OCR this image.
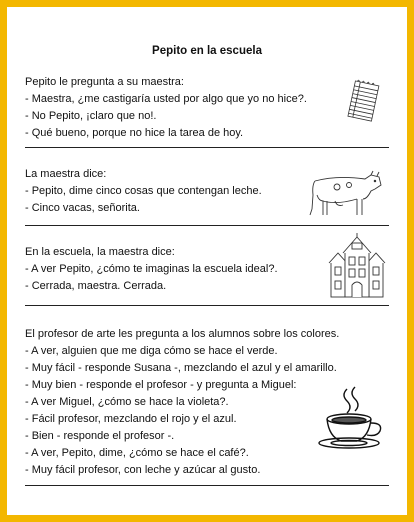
Pepito en la escuela
Pepito le pregunta a su maestra:
- Maestra, ¿me castigaría usted por algo que yo no hice?.
- No Pepito, ¡claro que no!.
- Qué bueno, porque no hice la tarea de hoy.
La maestra dice:
- Pepito, dime cinco cosas que contengan leche.
- Cinco vacas, señorita.
En la escuela, la maestra dice:
- A ver Pepito, ¿cómo te imaginas la escuela ideal?.
- Cerrada, maestra. Cerrada.
El profesor de arte les pregunta a los alumnos sobre los colores.
- A ver, alguien que me diga cómo se hace el verde.
- Muy fácil - responde Susana -, mezclando el azul y el amarillo.
- Muy bien - responde el profesor - y pregunta a Miguel:
- A ver Miguel, ¿cómo se hace la violeta?.
- Fácil profesor, mezclando el rojo y el azul.
- Bien - responde el profesor -.
- A ver, Pepito, dime, ¿cómo se hace el café?.
- Muy fácil profesor, con leche y azúcar al gusto.
